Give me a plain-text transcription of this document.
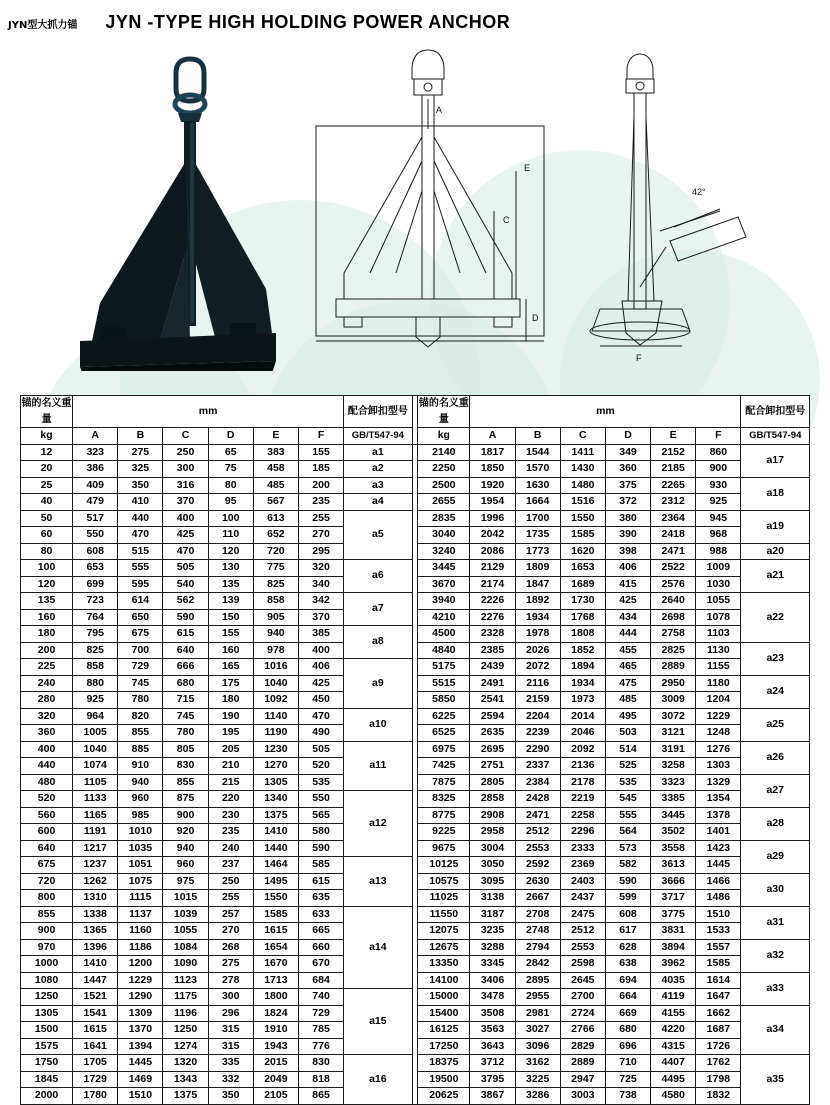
JYN型大抓力锚 JYN -TYPE HIGH HOLDING POWER ANCHOR
A
E
C
D
42°
F
锚的名义重量	mm						配合卸扣型号		锚的名义重量	mm						配合卸扣型号
kg	A	B	C	D	E	F	GB/T547-94		kg	A	B	C	D	E	F	GB/T547-94
12	323	275	250	65	383	155	a1		2140	1817	1544	1411	349	2152	860	a17
20	386	325	300	75	458	185	a2		2250	1850	1570	1430	360	2185	900	
25	409	350	316	80	485	200	a3		2500	1920	1630	1480	375	2265	930	a18
40	479	410	370	95	567	235	a4		2655	1954	1664	1516	372	2312	925	
50	517	440	400	100	613	255	a5		2835	1996	1700	1550	380	2364	945	a19
60	550	470	425	110	652	270			3040	2042	1735	1585	390	2418	968	
80	608	515	470	120	720	295			3240	2086	1773	1620	398	2471	988	a20
100	653	555	505	130	775	320	a6		3445	2129	1809	1653	406	2522	1009	a21
120	699	595	540	135	825	340			3670	2174	1847	1689	415	2576	1030	
135	723	614	562	139	858	342	a7		3940	2226	1892	1730	425	2640	1055	a22
160	764	650	590	150	905	370			4210	2276	1934	1768	434	2698	1078	
180	795	675	615	155	940	385	a8		4500	2328	1978	1808	444	2758	1103	
200	825	700	640	160	978	400			4840	2385	2026	1852	455	2825	1130	a23
225	858	729	666	165	1016	406	a9		5175	2439	2072	1894	465	2889	1155	
240	880	745	680	175	1040	425			5515	2491	2116	1934	475	2950	1180	a24
280	925	780	715	180	1092	450			5850	2541	2159	1973	485	3009	1204	
320	964	820	745	190	1140	470	a10		6225	2594	2204	2014	495	3072	1229	a25
360	1005	855	780	195	1190	490			6525	2635	2239	2046	503	3121	1248	
400	1040	885	805	205	1230	505	a11		6975	2695	2290	2092	514	3191	1276	a26
440	1074	910	830	210	1270	520			7425	2751	2337	2136	525	3258	1303	
480	1105	940	855	215	1305	535			7875	2805	2384	2178	535	3323	1329	a27
520	1133	960	875	220	1340	550	a12		8325	2858	2428	2219	545	3385	1354	
560	1165	985	900	230	1375	565			8775	2908	2471	2258	555	3445	1378	a28
600	1191	1010	920	235	1410	580			9225	2958	2512	2296	564	3502	1401	
640	1217	1035	940	240	1440	590			9675	3004	2553	2333	573	3558	1423	a29
675	1237	1051	960	237	1464	585	a13		10125	3050	2592	2369	582	3613	1445	
720	1262	1075	975	250	1495	615			10575	3095	2630	2403	590	3666	1466	a30
800	1310	1115	1015	255	1550	635			11025	3138	2667	2437	599	3717	1486	
855	1338	1137	1039	257	1585	633	a14		11550	3187	2708	2475	608	3775	1510	a31
900	1365	1160	1055	270	1615	665			12075	3235	2748	2512	617	3831	1533	
970	1396	1186	1084	268	1654	660			12675	3288	2794	2553	628	3894	1557	a32
1000	1410	1200	1090	275	1670	670			13350	3345	2842	2598	638	3962	1585	
1080	1447	1229	1123	278	1713	684			14100	3406	2895	2645	694	4035	1614	a33
1250	1521	1290	1175	300	1800	740	a15		15000	3478	2955	2700	664	4119	1647	
1305	1541	1309	1196	296	1824	729			15400	3508	2981	2724	669	4155	1662	a34
1500	1615	1370	1250	315	1910	785			16125	3563	3027	2766	680	4220	1687	
1575	1641	1394	1274	315	1943	776			17250	3643	3096	2829	696	4315	1726	
1750	1705	1445	1320	335	2015	830	a16		18375	3712	3162	2889	710	4407	1762	a35
1845	1729	1469	1343	332	2049	818			19500	3795	3225	2947	725	4495	1798	
2000	1780	1510	1375	350	2105	865			20625	3867	3286	3003	738	4580	1832	
